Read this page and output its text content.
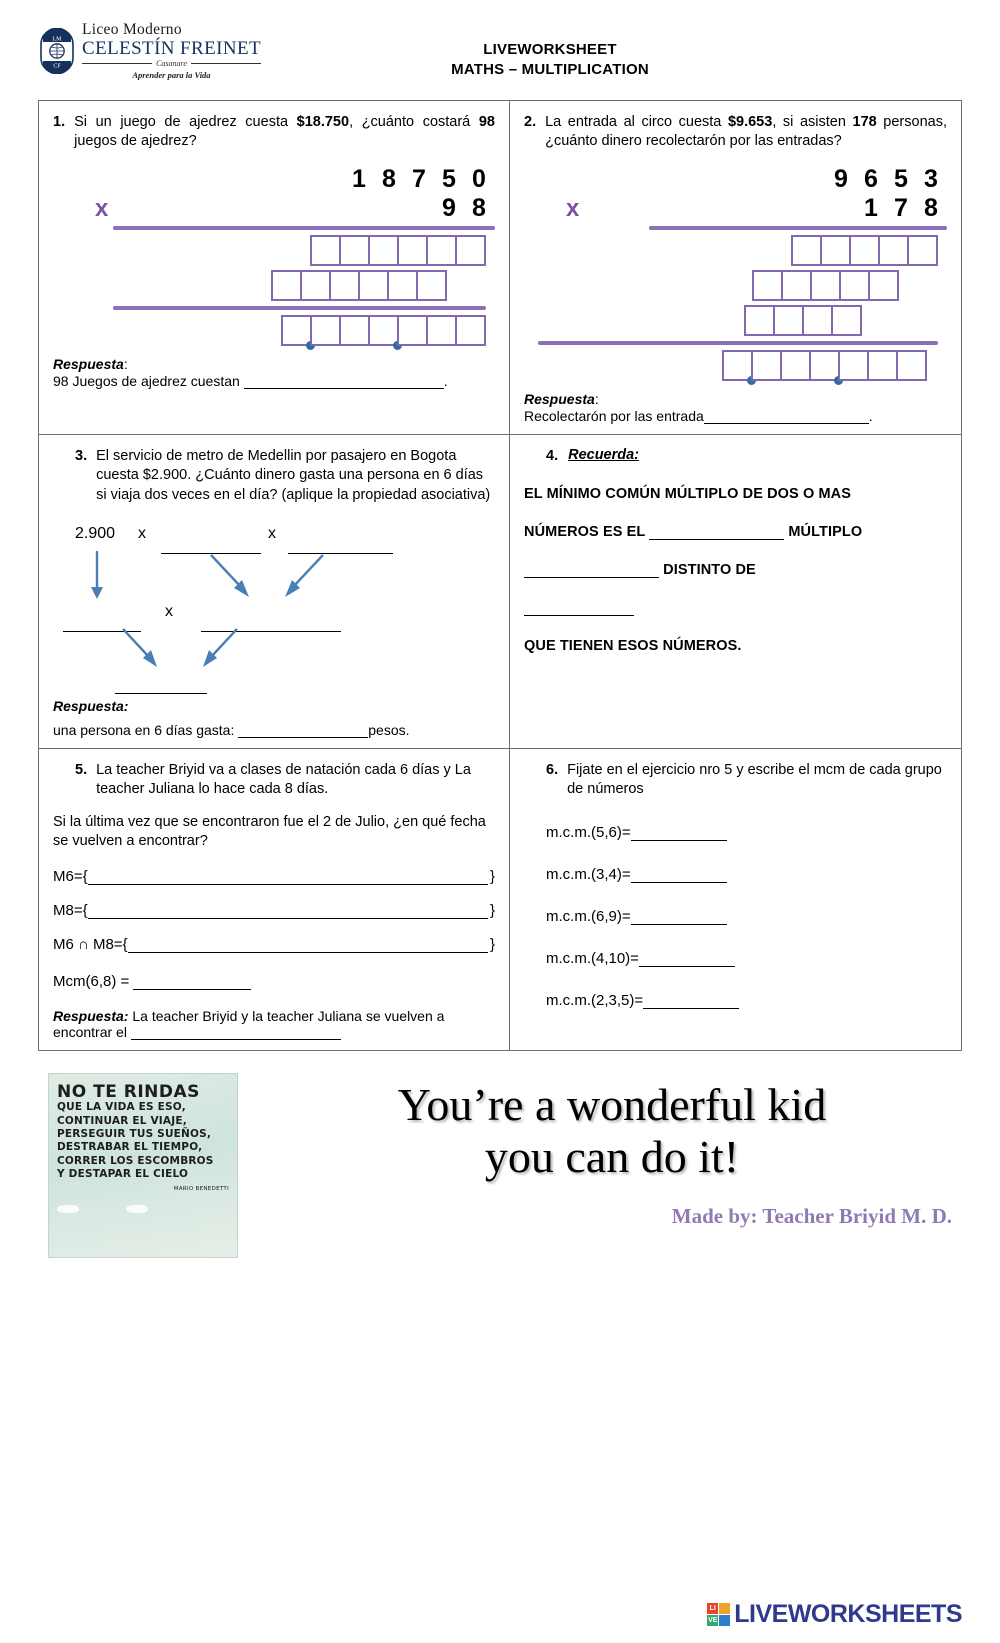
LM
CF
Liceo Moderno
CELESTÍN FREINET
Casanare
Aprender para la Vida
LIVEWORKSHEET
MATHS – MULTIPLICATION
1. Si un juego de ajedrez cuesta $18.750, ¿cuánto costará 98 juegos de ajedrez?
1 8 7 5 0
x	9 8
Respuesta:
98 Juegos de ajedrez cuestan	.
2. La entrada al circo cuesta $9.653, si asisten 178 personas, ¿cuánto dinero recolectarón por las entradas?
9 6 5 3
x	1 7 8
Respuesta:
Recolectarón por las entrada	.
3. El servicio de metro de Medellin por pasajero en Bogota cuesta $2.900. ¿Cuánto dinero gasta una persona en 6 días si viaja dos veces en el día? (aplique la propiedad asociativa)
2.900 x	x
x
Respuesta:
una persona en 6 días gasta:	pesos.
4. Recuerda:
EL MÍNIMO COMÚN MÚLTIPLO DE DOS O MAS
NÚMEROS ES EL	MÚLTIPLO
DISTINTO DE
QUE TIENEN ESOS NÚMEROS.
5. La teacher Briyid va a clases de natación cada 6 días y La teacher Juliana lo hace cada 8 días.
Si la última vez que se encontraron fue el 2 de Julio, ¿en qué fecha se vuelven a encontrar?
M6={	}
M8={	}
M6 ∩ M8={	}
Mcm(6,8) =
Respuesta: La teacher Briyid y la teacher Juliana se vuelven a encontrar el
6. Fijate en el ejercicio nro 5 y escribe el mcm de cada grupo de números
m.c.m.(5,6)=
m.c.m.(3,4)=
m.c.m.(6,9)=
m.c.m.(4,10)=
m.c.m.(2,3,5)=
NO TE RINDAS
QUE LA VIDA ES ESO,
CONTINUAR EL VIAJE,
PERSEGUIR TUS SUEÑOS,
DESTRABAR EL TIEMPO,
CORRER LOS ESCOMBROS
Y DESTAPAR EL CIELO
MARIO BENEDETTI

You’re a wonderful kid
you can do it!
Made by: Teacher Briyid M. D.
LI
VE LIVEWORKSHEETS
